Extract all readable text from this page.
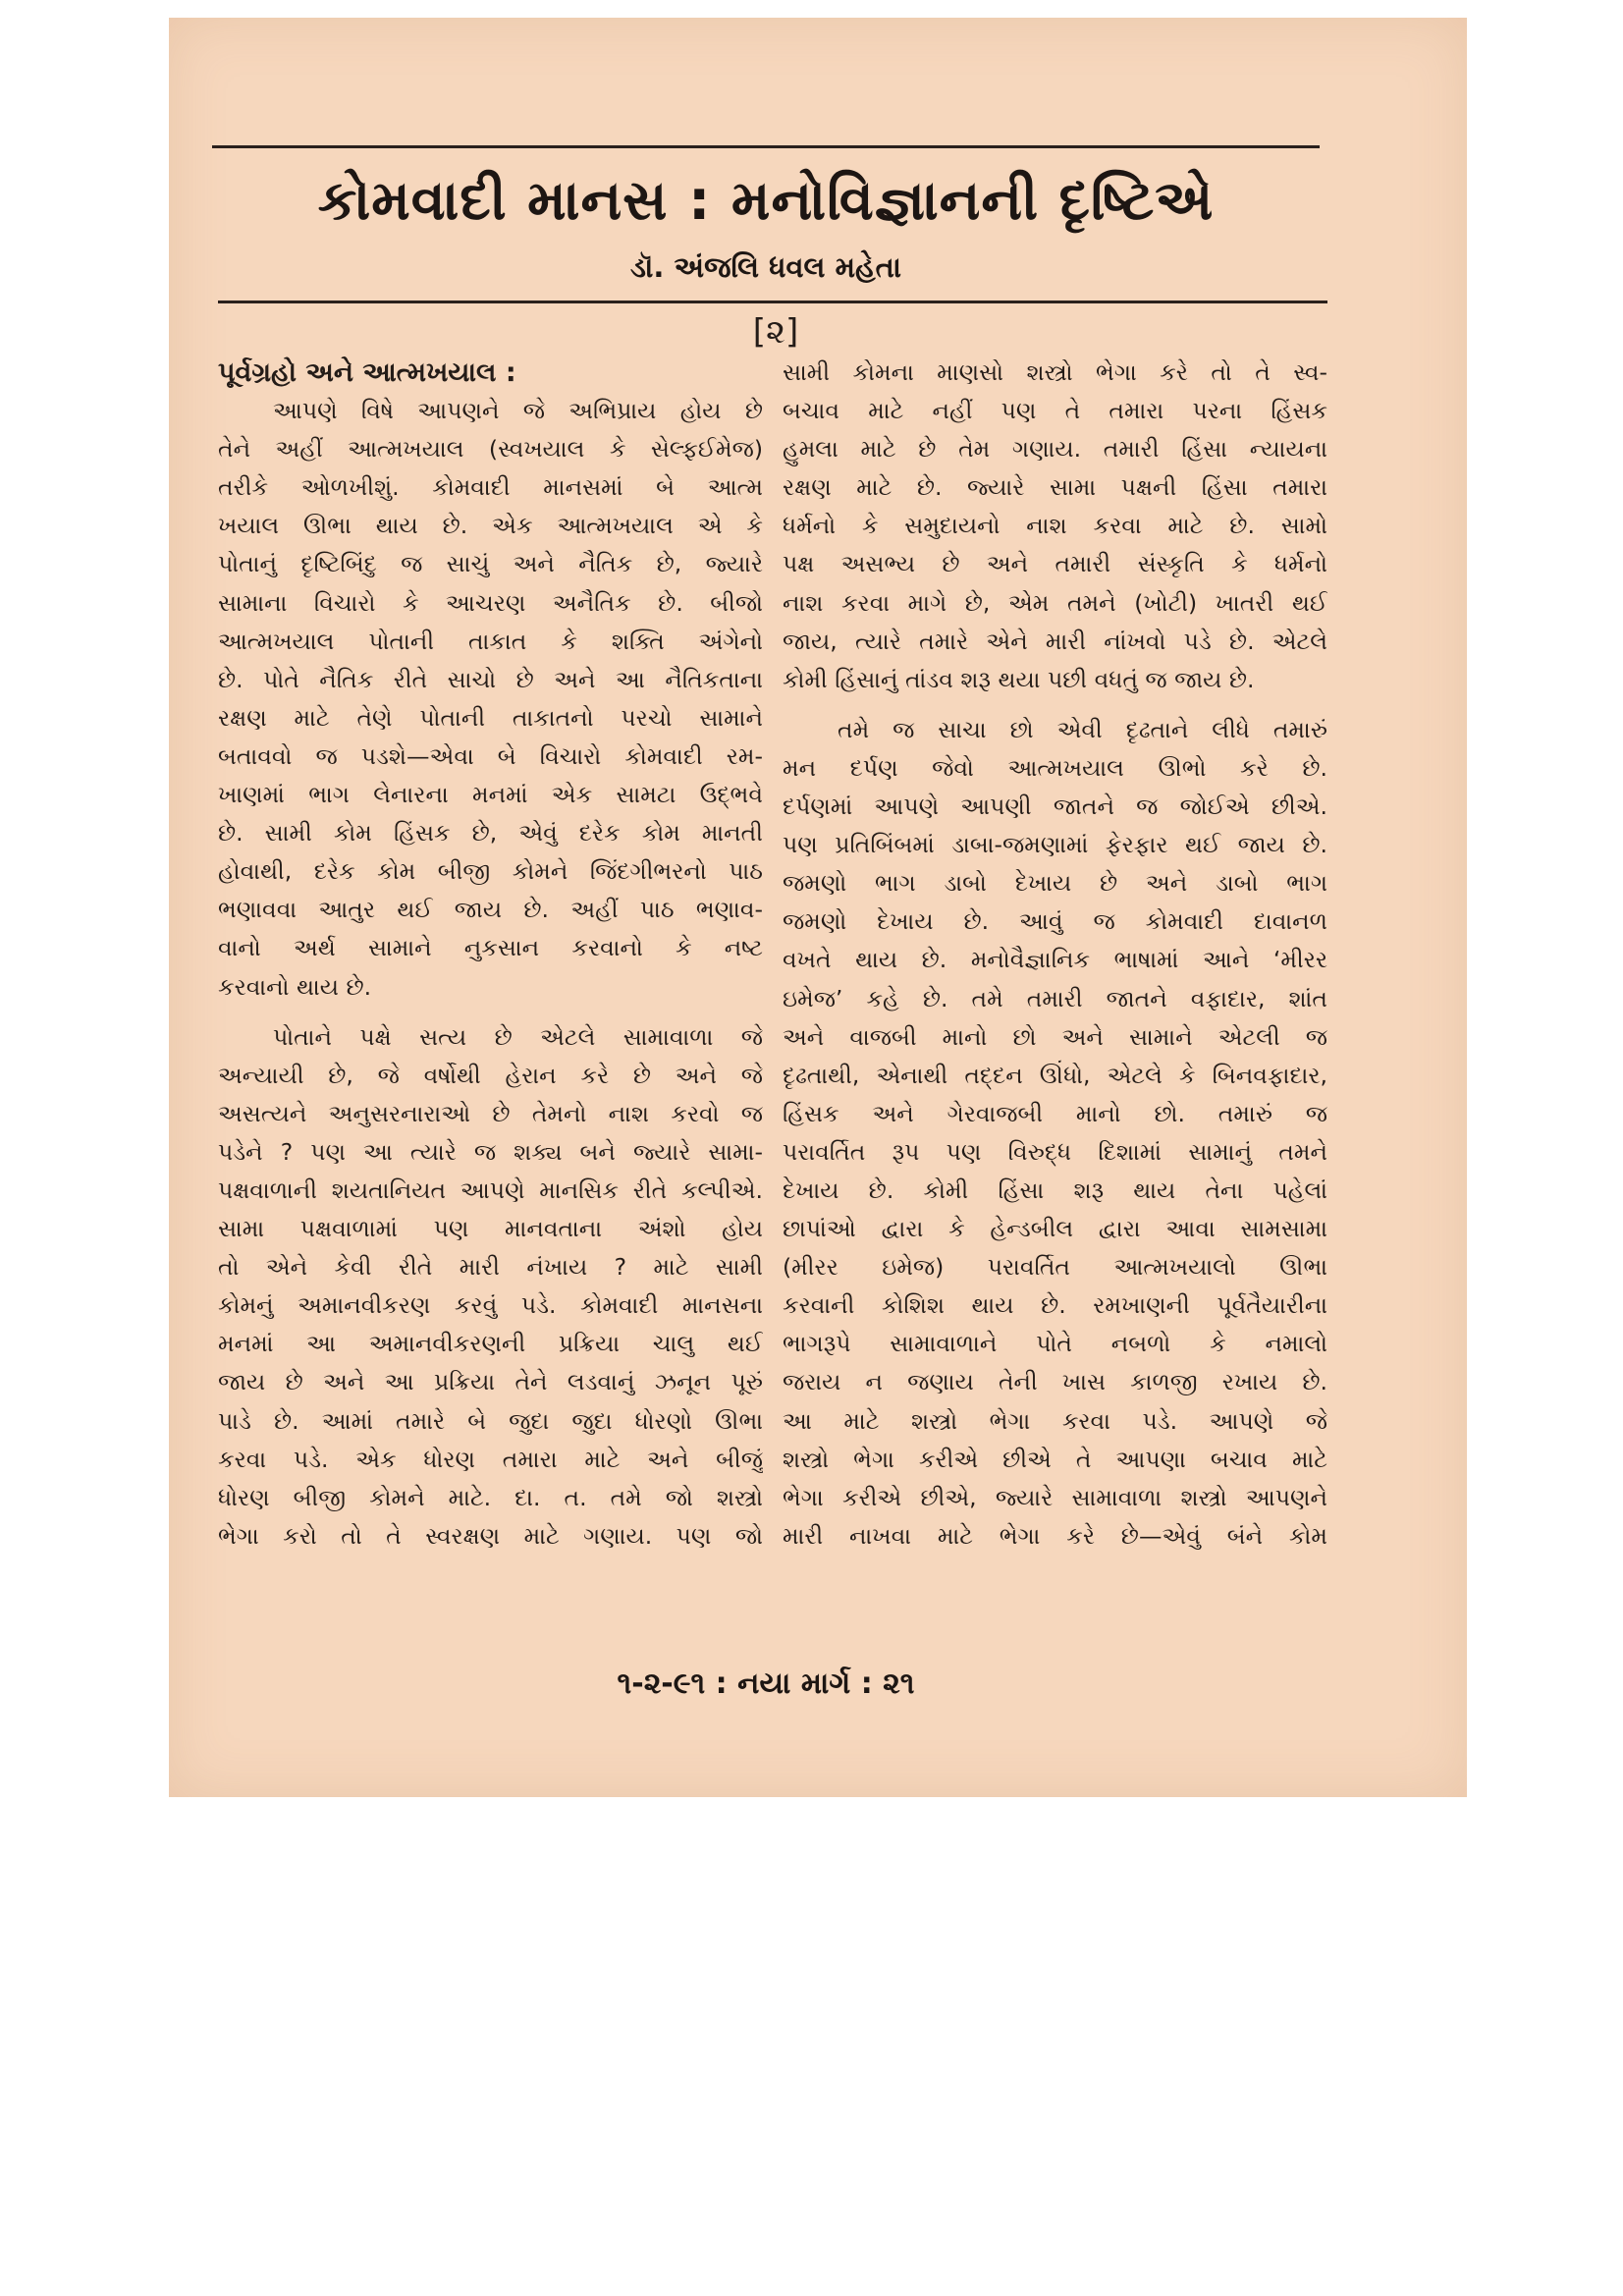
કોમવાદી માનસ : મનોવિજ્ઞાનની દૃષ્ટિએ
ડૉ. અંજલિ ધવલ મહેતા
[૨]
પૂર્વગ્રહો અને આત્મખયાલ :
આપણે વિષે આપણને જે અભિપ્રાય હોય છે
તેને અહીં આત્મખયાલ (સ્વખયાલ કે સેલ્ફઈમેજ)
તરીકે ઓળખીશું. કોમવાદી માનસમાં બે આત્મ
ખયાલ ઊભા થાય છે. એક આત્મખયાલ એ કે
પોતાનું દૃષ્ટિબિંદુ જ સાચું અને નૈતિક છે, જ્યારે
સામાના વિચારો કે આચરણ અનૈતિક છે. બીજો
આત્મખયાલ પોતાની તાકાત કે શક્તિ અંગેનો
છે. પોતે નૈતિક રીતે સાચો છે અને આ નૈતિકતાના
રક્ષણ માટે તેણે પોતાની તાકાતનો પરચો સામાને
બતાવવો જ પડશે—એવા બે વિચારો કોમવાદી રમ-
ખાણમાં ભાગ લેનારના મનમાં એક સામટા ઉદ્ભવે
છે. સામી કોમ હિંસક છે, એવું દરેક કોમ માનતી
હોવાથી, દરેક કોમ બીજી કોમને જિંદગીભરનો પાઠ
ભણાવવા આતુર થઈ જાય છે. અહીં પાઠ ભણાવ-
વાનો અર્થ સામાને નુકસાન કરવાનો કે નષ્ટ
કરવાનો થાય છે.
પોતાને પક્ષે સત્ય છે એટલે સામાવાળા જે
અન્યાયી છે, જે વર્ષોથી હેરાન કરે છે અને જે
અસત્યને અનુસરનારાઓ છે તેમનો નાશ કરવો જ
પડેને ? પણ આ ત્યારે જ શક્ય બને જ્યારે સામા-
પક્ષવાળાની શયતાનિયત આપણે માનસિક રીતે કલ્પીએ.
સામા પક્ષવાળામાં પણ માનવતાના અંશો હોય
તો એને કેવી રીતે મારી નંખાય ? માટે સામી
કોમનું અમાનવીકરણ કરવું પડે. કોમવાદી માનસના
મનમાં આ અમાનવીકરણની પ્રક્રિયા ચાલુ થઈ
જાય છે અને આ પ્રક્રિયા તેને લડવાનું ઝનૂન પૂરું
પાડે છે. આમાં તમારે બે જુદા જુદા ધોરણો ઊભા
કરવા પડે. એક ધોરણ તમારા માટે અને બીજું
ધોરણ બીજી કોમને માટે. દા. ત. તમે જો શસ્ત્રો
ભેગા કરો તો તે સ્વરક્ષણ માટે ગણાય. પણ જો
સામી કોમના માણસો શસ્ત્રો ભેગા કરે તો તે સ્વ-
બચાવ માટે નહીં પણ તે તમારા પરના હિંસક
હુમલા માટે છે તેમ ગણાય. તમારી હિંસા ન્યાયના
રક્ષણ માટે છે. જ્યારે સામા પક્ષની હિંસા તમારા
ધર્મનો કે સમુદાયનો નાશ કરવા માટે છે. સામો
પક્ષ અસભ્ય છે અને તમારી સંસ્કૃતિ કે ધર્મનો
નાશ કરવા માગે છે, એમ તમને (ખોટી) ખાતરી થઈ
જાય, ત્યારે તમારે એને મારી નાંખવો પડે છે. એટલે
કોમી હિંસાનું તાંડવ શરૂ થયા પછી વધતું જ જાય છે.
તમે જ સાચા છો એવી દૃઢતાને લીધે તમારું
મન દર્પણ જેવો આત્મખયાલ ઊભો કરે છે.
દર્પણમાં આપણે આપણી જાતને જ જોઈએ છીએ.
પણ પ્રતિબિંબમાં ડાબા-જમણામાં ફેરફાર થઈ જાય છે.
જમણો ભાગ ડાબો દેખાય છે અને ડાબો ભાગ
જમણો દેખાય છે. આવું જ કોમવાદી દાવાનળ
વખતે થાય છે. મનોવૈજ્ઞાનિક ભાષામાં આને ‘મીરર
ઇમેજ’ કહે છે. તમે તમારી જાતને વફાદાર, શાંત
અને વાજબી માનો છો અને સામાને એટલી જ
દૃઢતાથી, એનાથી તદ્દન ઊંધો, એટલે કે બિનવફાદાર,
હિંસક અને ગેરવાજબી માનો છો. તમારું જ
પરાવર્તિત રૂપ પણ વિરુદ્ધ દિશામાં સામાનું તમને
દેખાય છે. કોમી હિંસા શરૂ થાય તેના પહેલાં
છાપાંઓ દ્વારા કે હેન્ડબીલ દ્વારા આવા સામસામા
(મીરર ઇમેજ) પરાવર્તિત આત્મખયાલો ઊભા
કરવાની કોશિશ થાય છે. રમખાણની પૂર્વતૈયારીના
ભાગરૂપે સામાવાળાને પોતે નબળો કે નમાલો
જરાય ન જણાય તેની ખાસ કાળજી રખાય છે.
આ માટે શસ્ત્રો ભેગા કરવા પડે. આપણે જે
શસ્ત્રો ભેગા કરીએ છીએ તે આપણા બચાવ માટે
ભેગા કરીએ છીએ, જ્યારે સામાવાળા શસ્ત્રો આપણને
મારી નાખવા માટે ભેગા કરે છે—એવું બંને કોમ
૧-૨-૯૧ : નયા માર્ગ : ૨૧
